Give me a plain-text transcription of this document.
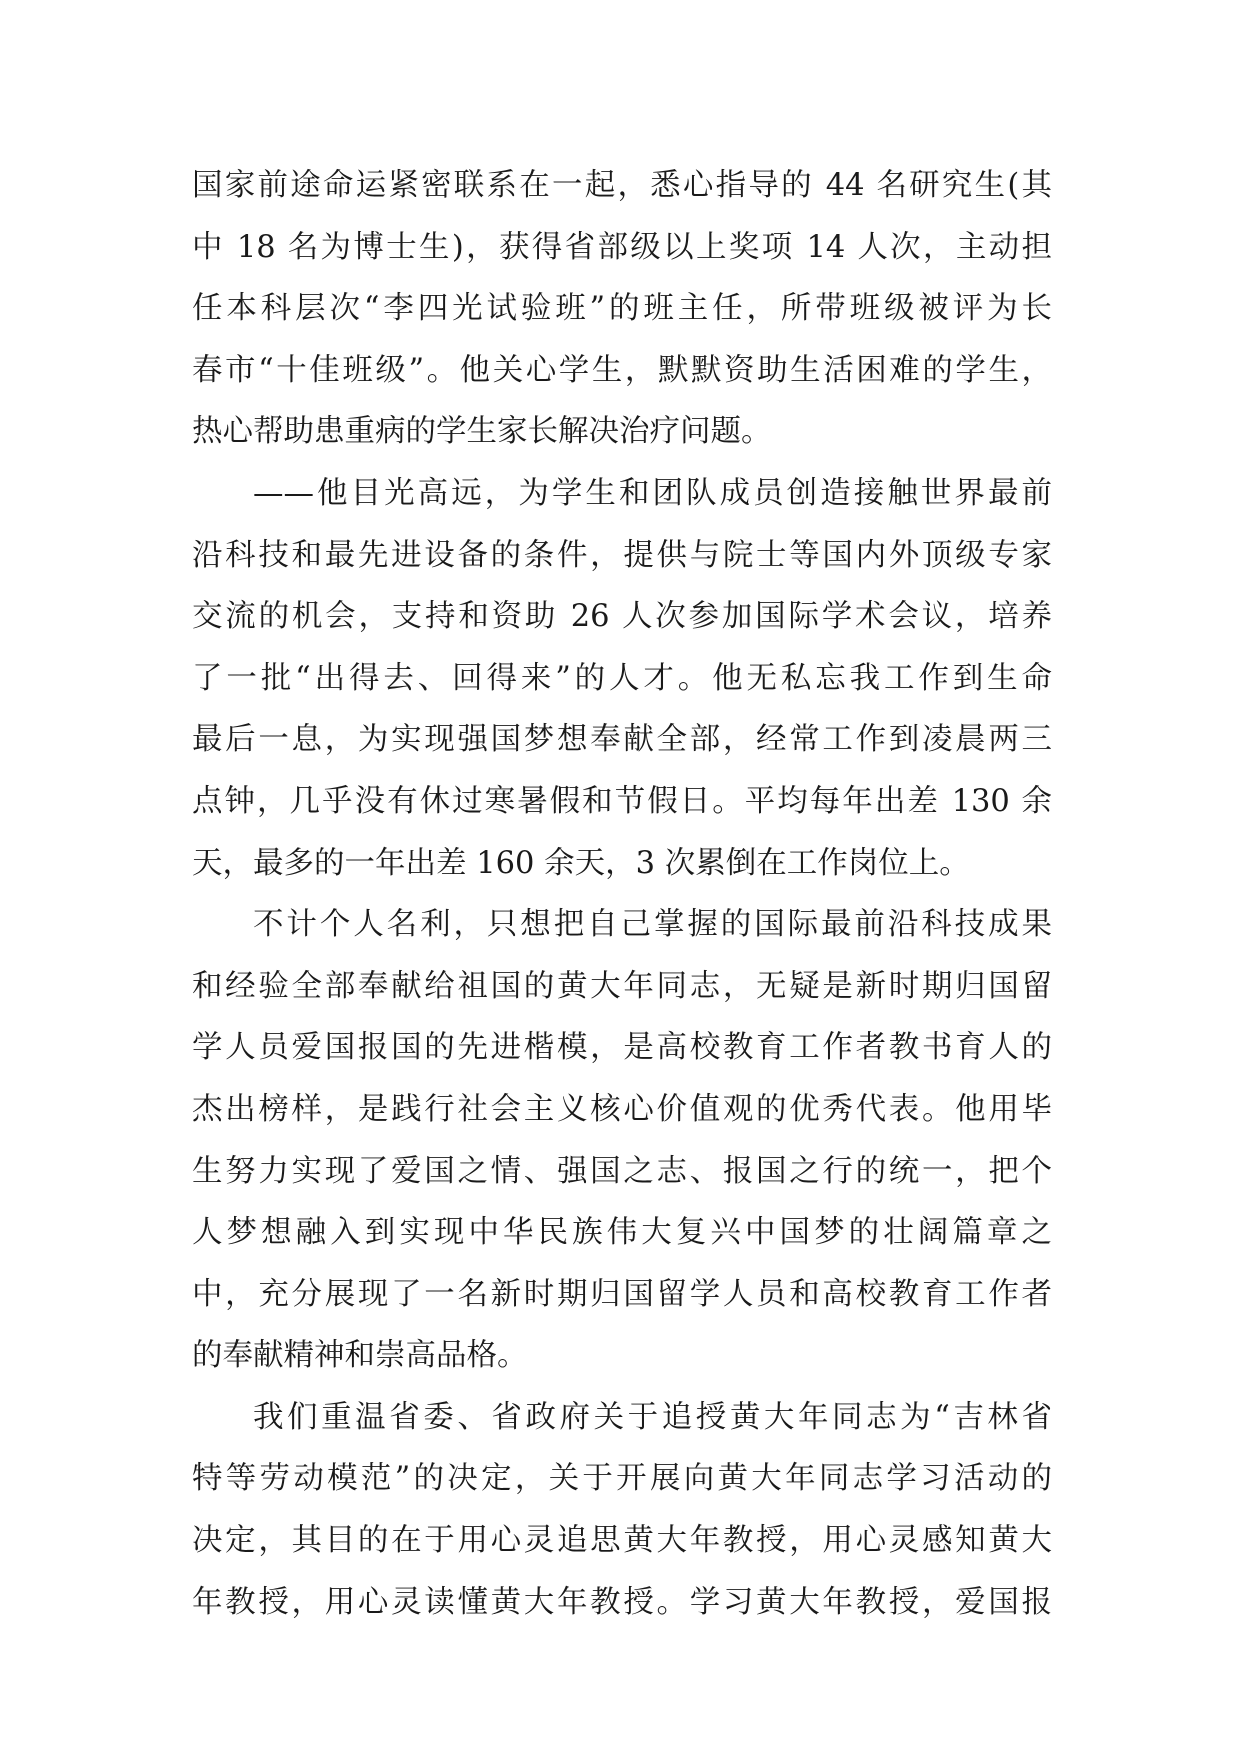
国家前途命运紧密联系在一起，悉心指导的 44 名研究生(其
中 18 名为博士生)，获得省部级以上奖项 14 人次，主动担
任本科层次“李四光试验班”的班主任，所带班级被评为长
春市“十佳班级”。他关心学生，默默资助生活困难的学生，
热心帮助患重病的学生家长解决治疗问题。
——他目光高远，为学生和团队成员创造接触世界最前
沿科技和最先进设备的条件，提供与院士等国内外顶级专家
交流的机会，支持和资助 26 人次参加国际学术会议，培养
了一批“出得去、回得来”的人才。他无私忘我工作到生命
最后一息，为实现强国梦想奉献全部，经常工作到凌晨两三
点钟，几乎没有休过寒暑假和节假日。平均每年出差 130 余
天，最多的一年出差 160 余天，3 次累倒在工作岗位上。
不计个人名利，只想把自己掌握的国际最前沿科技成果
和经验全部奉献给祖国的黄大年同志，无疑是新时期归国留
学人员爱国报国的先进楷模，是高校教育工作者教书育人的
杰出榜样，是践行社会主义核心价值观的优秀代表。他用毕
生努力实现了爱国之情、强国之志、报国之行的统一，把个
人梦想融入到实现中华民族伟大复兴中国梦的壮阔篇章之
中，充分展现了一名新时期归国留学人员和高校教育工作者
的奉献精神和崇高品格。
我们重温省委、省政府关于追授黄大年同志为“吉林省
特等劳动模范”的决定，关于开展向黄大年同志学习活动的
决定，其目的在于用心灵追思黄大年教授，用心灵感知黄大
年教授，用心灵读懂黄大年教授。学习黄大年教授，爱国报
